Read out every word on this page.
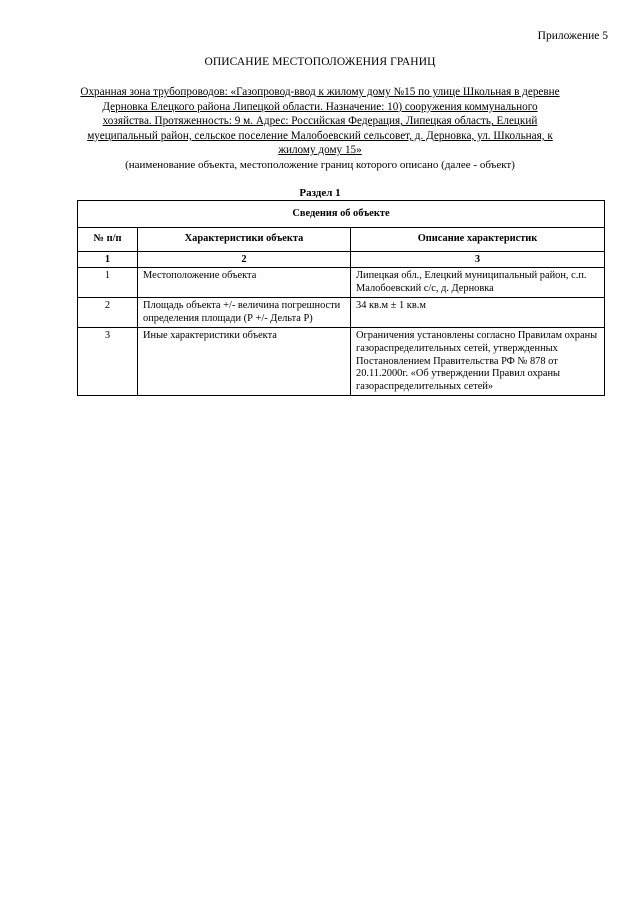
Приложение 5
ОПИСАНИЕ МЕСТОПОЛОЖЕНИЯ ГРАНИЦ
Охранная зона трубопроводов: «Газопровод-ввод к жилому дому №15 по улице Школьная в деревне Дерновка Елецкого района Липецкой области. Назначение: 10) сооружения коммунального хозяйства. Протяженность: 9 м. Адрес: Российская Федерация, Липецкая область, Елецкий муеципальный район, сельское поселение Малобоевский сельсовет, д. Дерновка, ул. Школьная, к жилому дому 15»
(наименование объекта, местоположение границ которого описано (далее - объект)
Раздел 1
Сведения об объекте		
№ п/п	Характеристики объекта	Описание характеристик
1	2	3
1	Местоположение объекта	Липецкая обл., Елецкий муниципальный район, с.п. Малобоевский с/с, д. Дерновка
2	Площадь объекта +/- величина погрешности определения площади (Р +/- Дельта Р)	34 кв.м ± 1 кв.м
3	Иные характеристики объекта	Ограничения установлены согласно Правилам охраны газораспределительных сетей, утвержденных Постановлением Правительства РФ № 878 от 20.11.2000г. «Об утверждении Правил охраны газораспределительных сетей»
